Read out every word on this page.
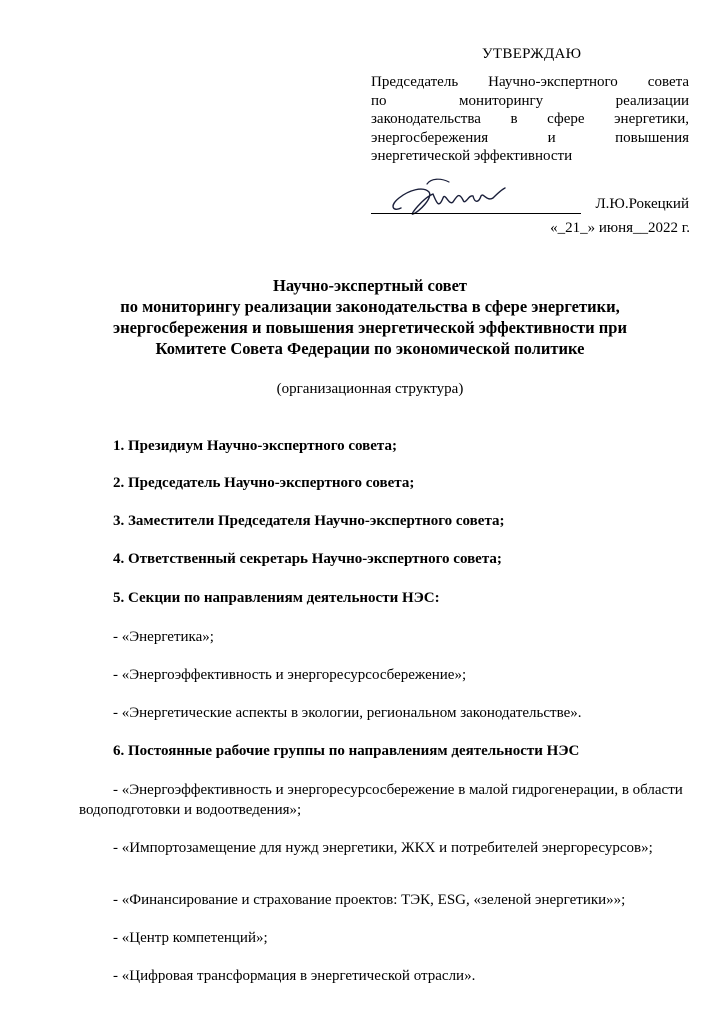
УТВЕРЖДАЮ
Председатель Научно-экспертного совета
по мониторингу реализации
законодательства в сфере энергетики,
энергосбережения и повышения
энергетической эффективности
Л.Ю.Рокецкий
«_21_» июня__2022 г.
Научно-экспертный совет
по мониторингу реализации законодательства в сфере энергетики,
энергосбережения и повышения энергетической эффективности при
Комитете Совета Федерации по экономической политике
(организационная структура)
1. Президиум Научно-экспертного совета;
2. Председатель Научно-экспертного совета;
3. Заместители Председателя Научно-экспертного совета;
4. Ответственный секретарь Научно-экспертного совета;
5. Секции по направлениям деятельности НЭС:
- «Энергетика»;
- «Энергоэффективность и энергоресурсосбережение»;
- «Энергетические аспекты в экологии, региональном законодательстве».
6. Постоянные рабочие группы по направлениям деятельности НЭС
- «Энергоэффективность и энергоресурсосбережение в малой гидрогенерации, в области водоподготовки и водоотведения»;
- «Импортозамещение для нужд энергетики, ЖКХ и потребителей энергоресурсов»;
- «Финансирование и страхование проектов: ТЭК, ESG, «зеленой энергетики»»;
- «Центр компетенций»;
- «Цифровая трансформация в энергетической отрасли».
